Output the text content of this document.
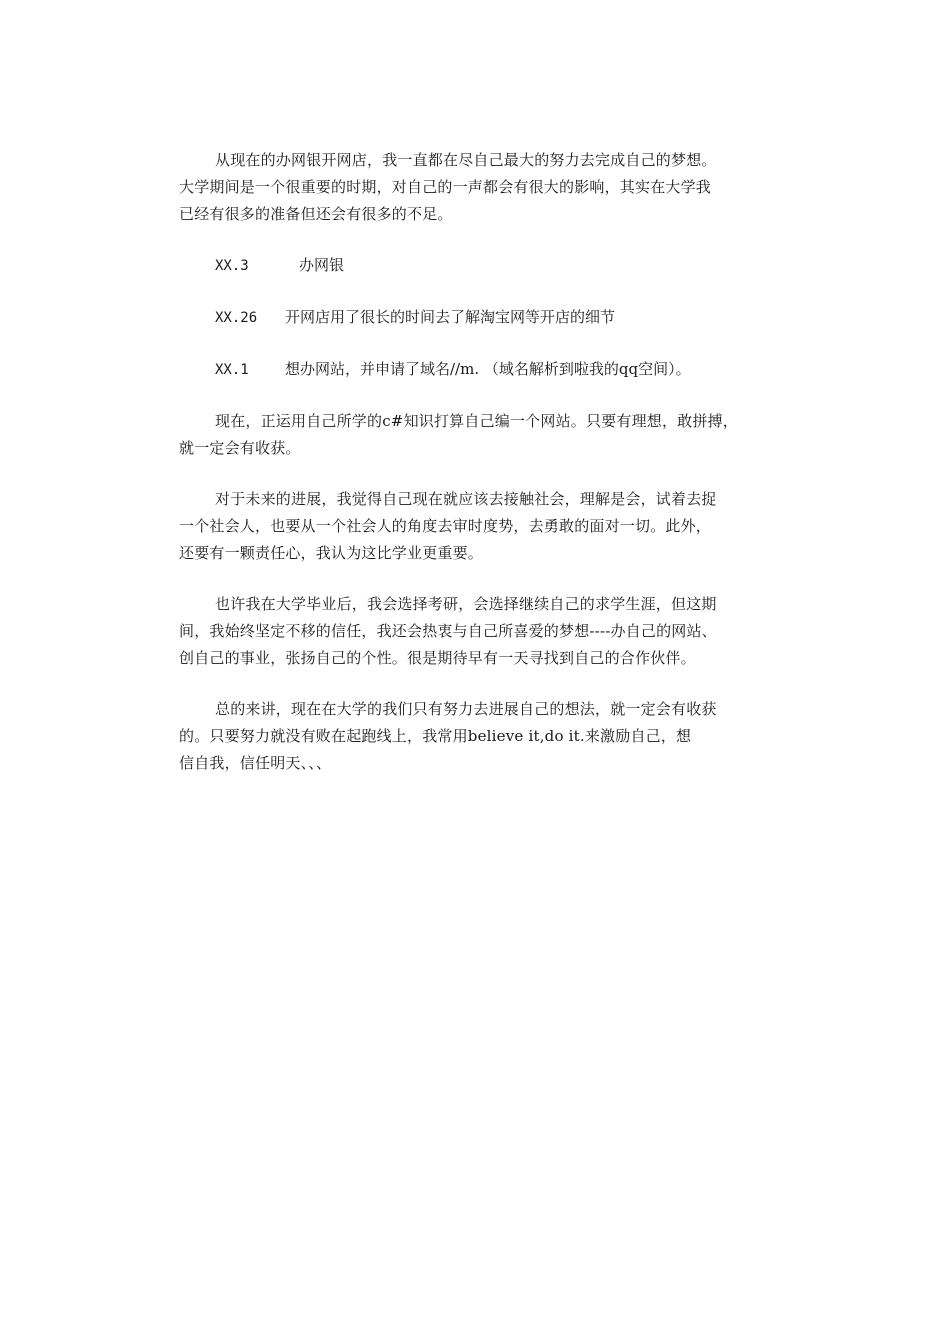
从现在的办网银开网店，我一直都在尽自己最大的努力去完成自己的梦想。
大学期间是一个很重要的时期，对自己的一声都会有很大的影响，其实在大学我
已经有很多的准备但还会有很多的不足。
XX.3	办网银
XX.26	开网店用了很长的时间去了解淘宝网等开店的细节
XX.1	想办网站，并申请了域名//m. （域名解析到啦我的qq空间）。
现在，正运用自己所学的c#知识打算自己编一个网站。只要有理想，敢拼搏，
就一定会有收获。
对于未来的进展，我觉得自己现在就应该去接触社会，理解是会，试着去捉
一个社会人，也要从一个社会人的角度去审时度势，去勇敢的面对一切。此外，
还要有一颗责任心，我认为这比学业更重要。
也许我在大学毕业后，我会选择考研，会选择继续自己的求学生涯，但这期
间，我始终坚定不移的信任，我还会热衷与自己所喜爱的梦想----办自己的网站、
创自己的事业，张扬自己的个性。很是期待早有一天寻找到自己的合作伙伴。
总的来讲，现在在大学的我们只有努力去进展自己的想法，就一定会有收获
的。只要努力就没有败在起跑线上，我常用believe it,do it.来激励自己，想
信自我，信任明天、、、
